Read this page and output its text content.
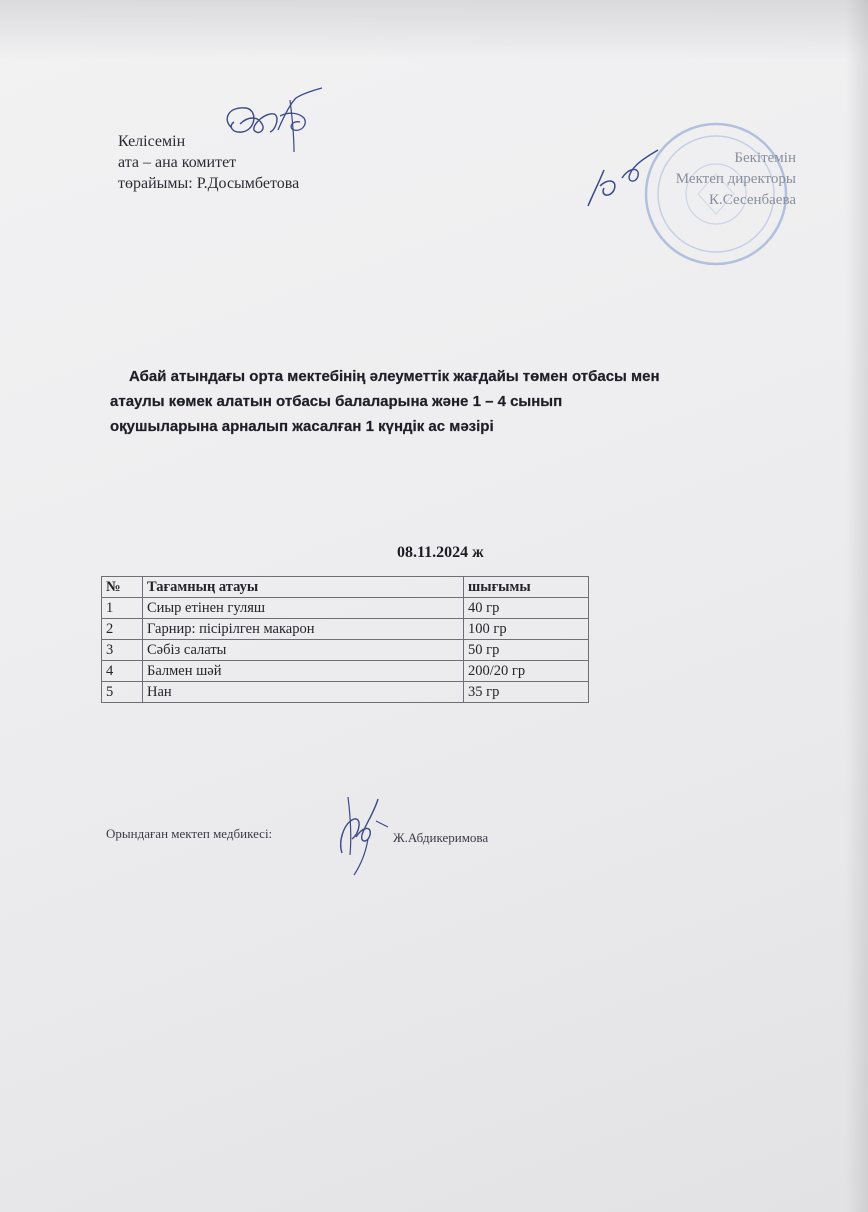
Келісемін
ата – ана комитет
төрайымы: Р.Досымбетова
Бекітемін
Мектеп директоры
К.Сесенбаева
Абай атындағы орта мектебінің әлеуметтік жағдайы төмен отбасы мен
атаулы көмек алатын отбасы балаларына және 1 – 4 сынып
оқушыларына арналып жасалған 1 күндік ас мәзірі
08.11.2024 ж
№	Тағамның атауы	шығымы
1	Сиыр етінен гуляш	40 гр
2	Гарнир: пісірілген макарон	100 гр
3	Сәбіз салаты	50 гр
4	Балмен шәй	200/20 гр
5	Нан	35 гр
Орындаған мектеп медбикесі:	Ж.Абдикеримова
